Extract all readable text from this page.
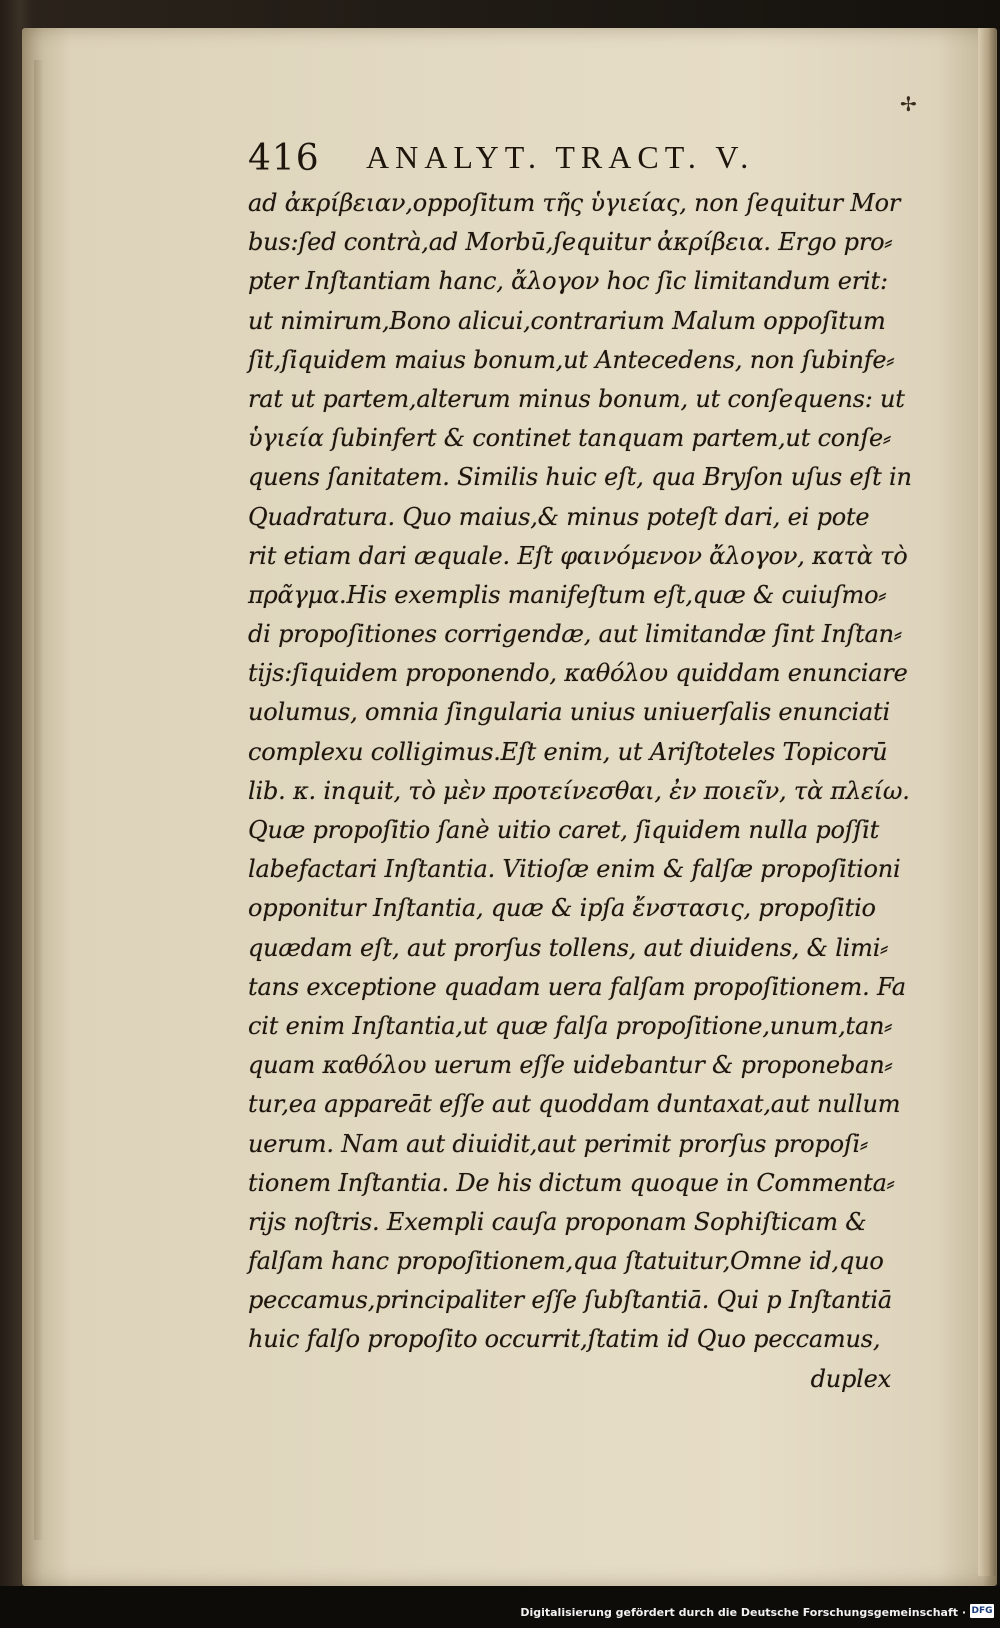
✢
416 ANALYT. TRACT. V.
ad ἀκρίβειαν,oppoſitum τῆς ὑγιείας, non ſequitur Mor
bus:ſed contrà,ad Morbū,ſequitur ἀκρίβεια. Ergo pro⸗
pter Inſtantiam hanc, ἄλογον hoc ſic limitandum erit:
ut nimirum,Bono alicui,contrarium Malum oppoſitum
ſit,ſiquidem maius bonum,ut Antecedens, non ſubinfe⸗
rat ut partem,alterum minus bonum, ut conſequens: ut
ὑγιεία ſubinfert & continet tanquam partem,ut conſe⸗
quens ſanitatem. Similis huic eſt, qua Bryſon uſus eſt in
Quadratura. Quo maius,& minus poteſt dari, ei pote
rit etiam dari æquale. Eſt φαινόμενον ἄλογον, κατὰ τὸ
πρᾶγμα.His exemplis manifeſtum eſt,quæ & cuiuſmo⸗
di propoſitiones corrigendæ, aut limitandæ ſint Inſtan⸗
tijs:ſiquidem proponendo, καθόλου quiddam enunciare
uolumus, omnia ſingularia unius uniuerſalis enunciati
complexu colligimus.Eſt enim, ut Ariſtoteles Topicorū
lib. κ. inquit, τὸ μὲν προτείνεσθαι, ἐν ποιεῖν, τὰ πλείω.
Quæ propoſitio ſanè uitio caret, ſiquidem nulla poſſit
labefactari Inſtantia. Vitioſæ enim & falſæ propoſitioni
opponitur Inſtantia, quæ & ipſa ἔνστασις, propoſitio
quædam eſt, aut prorſus tollens, aut diuidens, & limi⸗
tans exceptione quadam uera falſam propoſitionem. Fa
cit enim Inſtantia,ut quæ falſa propoſitione,unum,tan⸗
quam καθόλου uerum eſſe uidebantur & proponeban⸗
tur,ea appareāt eſſe aut quoddam duntaxat,aut nullum
uerum. Nam aut diuidit,aut perimit prorſus propoſi⸗
tionem Inſtantia. De his dictum quoque in Commenta⸗
rijs noſtris. Exempli cauſa proponam Sophiſticam &
falſam hanc propoſitionem,qua ſtatuitur,Omne id,quo
peccamus,principaliter eſſe ſubſtantiā. Qui p Inſtantiā
huic falſo propoſito occurrit,ſtatim id Quo peccamus,
duplex
Digitalisierung gefördert durch die Deutsche Forschungsgemeinschaft · DFG
